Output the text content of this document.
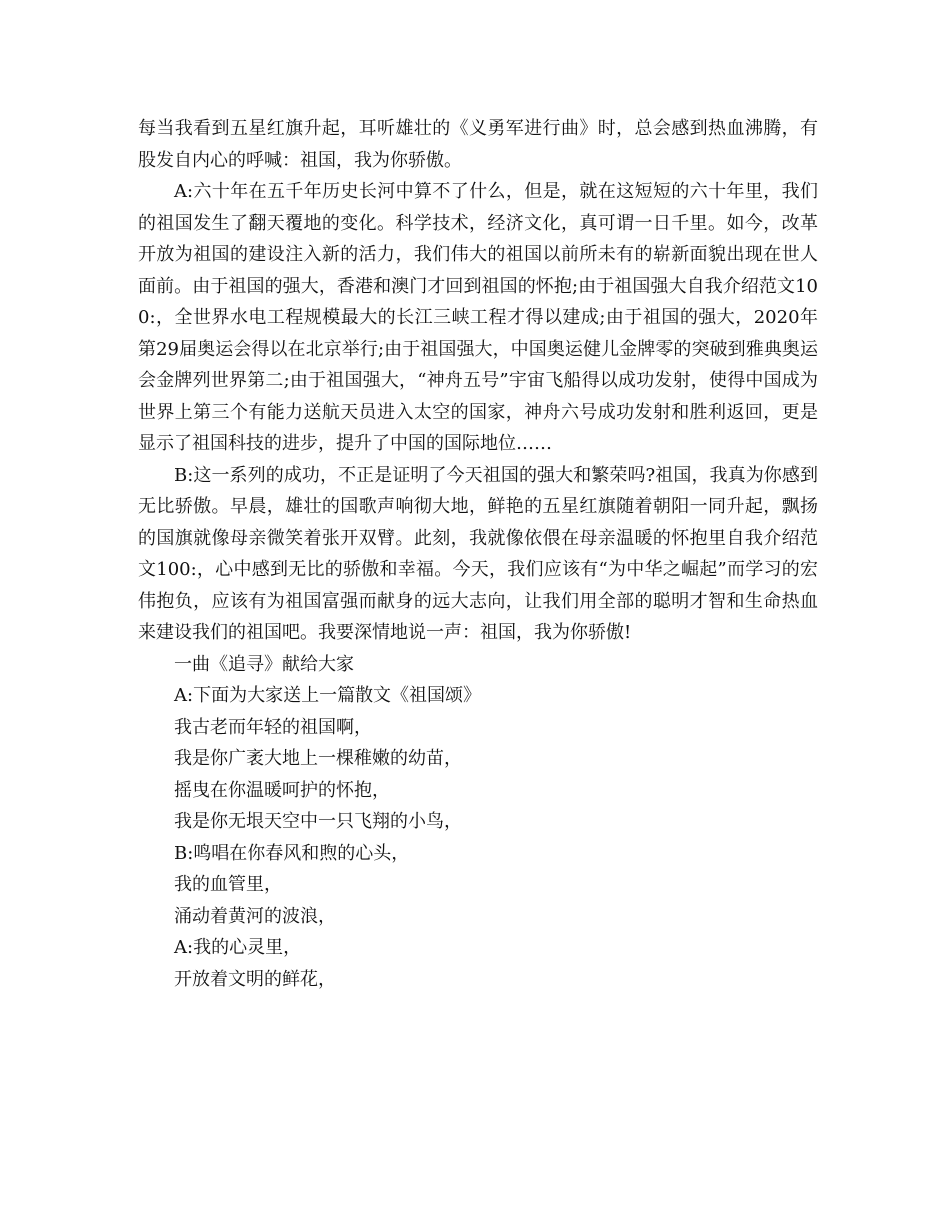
每当我看到五星红旗升起，耳听雄壮的《义勇军进行曲》时，总会感到热血沸腾，有股发自内心的呼喊：祖国，我为你骄傲。

A:六十年在五千年历史长河中算不了什么，但是，就在这短短的六十年里，我们的祖国发生了翻天覆地的变化。科学技术，经济文化，真可谓一日千里。如今，改革开放为祖国的建设注入新的活力，我们伟大的祖国以前所未有的崭新面貌出现在世人面前。由于祖国的强大，香港和澳门才回到祖国的怀抱;由于祖国强大自我介绍范文100:，全世界水电工程规模最大的长江三峡工程才得以建成;由于祖国的强大，2020年第29届奥运会得以在北京举行;由于祖国强大，中国奥运健儿金牌零的突破到雅典奥运会金牌列世界第二;由于祖国强大，“神舟五号”宇宙飞船得以成功发射，使得中国成为世界上第三个有能力送航天员进入太空的国家，神舟六号成功发射和胜利返回，更是显示了祖国科技的进步，提升了中国的国际地位……

B:这一系列的成功，不正是证明了今天祖国的强大和繁荣吗?祖国，我真为你感到无比骄傲。早晨，雄壮的国歌声响彻大地，鲜艳的五星红旗随着朝阳一同升起，飘扬的国旗就像母亲微笑着张开双臂。此刻，我就像依偎在母亲温暖的怀抱里自我介绍范文100:，心中感到无比的骄傲和幸福。今天，我们应该有“为中华之崛起”而学习的宏伟抱负，应该有为祖国富强而献身的远大志向，让我们用全部的聪明才智和生命热血来建设我们的祖国吧。我要深情地说一声：祖国，我为你骄傲!

一曲《追寻》献给大家

A:下面为大家送上一篇散文《祖国颂》

我古老而年轻的祖国啊，

我是你广袤大地上一棵稚嫩的幼苗，

摇曳在你温暖呵护的怀抱，

我是你无垠天空中一只飞翔的小鸟，

B:鸣唱在你春风和煦的心头，

我的血管里，

涌动着黄河的波浪，

A:我的心灵里，

开放着文明的鲜花，
